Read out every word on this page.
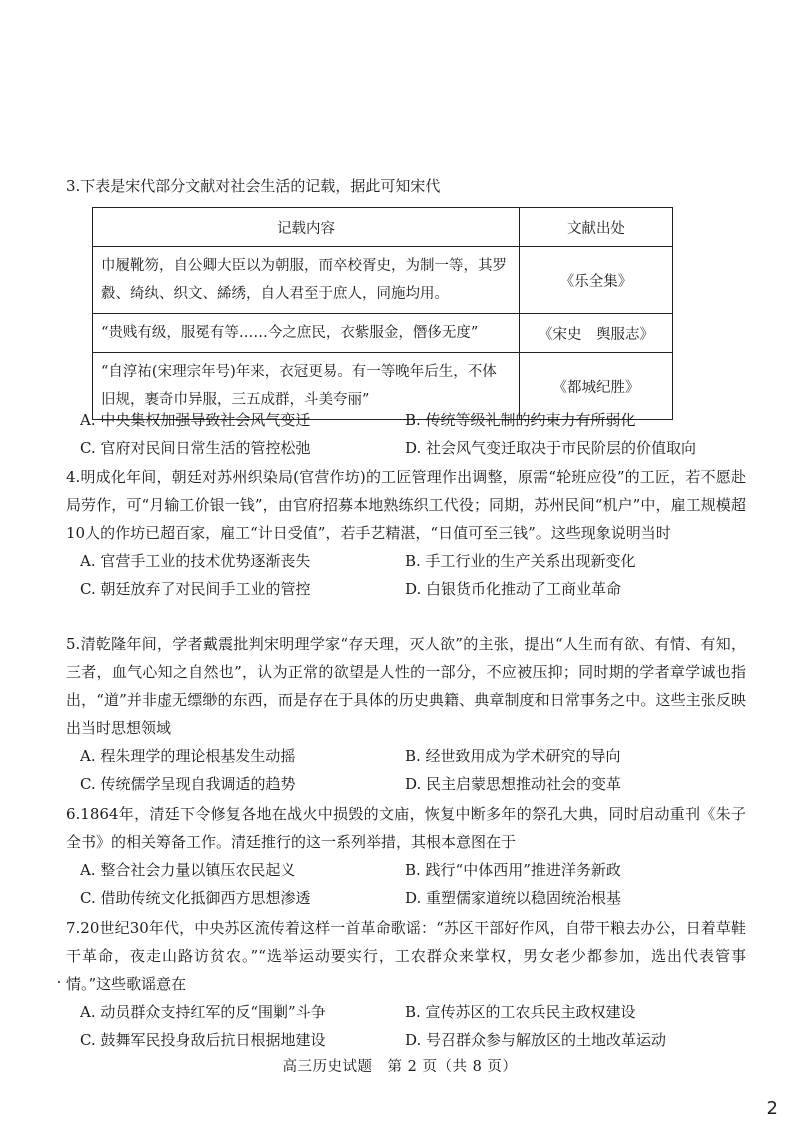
3.下表是宋代部分文献对社会生活的记载，据此可知宋代

记载内容	文献出处
巾履靴笏，自公卿大臣以为朝服，而卒校胥史，为制一等，其罗縠、绮纨、织文、絺绣，自人君至于庶人，同施均用。	《乐全集》
“贵贱有级，服冕有等……今之庶民，衣紫服金，僭侈无度”	《宋史　舆服志》
“自淳祐(宋理宗年号)年来，衣冠更易。有一等晚年后生，不体旧规，裹奇巾异服，三五成群，斗美夸丽”	《都城纪胜》
A. 中央集权加强导致社会风气变迁	B. 传统等级礼制的约束力有所弱化
C. 官府对民间日常生活的管控松弛	D. 社会风气变迁取决于市民阶层的价值取向

4.明成化年间，朝廷对苏州织染局(官营作坊)的工匠管理作出调整，原需“轮班应役”的工匠，若不愿赴局劳作，可“月输工价银一钱”，由官府招募本地熟练织工代役；同期，苏州民间“机户”中，雇工规模超10人的作坊已超百家，雇工“计日受值”，若手艺精湛，“日值可至三钱”。这些现象说明当时

A. 官营手工业的技术优势逐渐丧失	B. 手工行业的生产关系出现新变化
C. 朝廷放弃了对民间手工业的管控	D. 白银货币化推动了工商业革命

5.清乾隆年间，学者戴震批判宋明理学家“存天理，灭人欲”的主张，提出“人生而有欲、有情、有知，三者，血气心知之自然也”，认为正常的欲望是人性的一部分，不应被压抑；同时期的学者章学诚也指出，“道”并非虚无缥缈的东西，而是存在于具体的历史典籍、典章制度和日常事务之中。这些主张反映出当时思想领域

A. 程朱理学的理论根基发生动摇	B. 经世致用成为学术研究的导向
C. 传统儒学呈现自我调适的趋势	D. 民主启蒙思想推动社会的变革

6.1864年，清廷下令修复各地在战火中损毁的文庙，恢复中断多年的祭孔大典，同时启动重刊《朱子全书》的相关筹备工作。清廷推行的这一系列举措，其根本意图在于

A. 整合社会力量以镇压农民起义	B. 践行“中体西用”推进洋务新政
C. 借助传统文化抵御西方思想渗透	D. 重塑儒家道统以稳固统治根基

7.20世纪30年代，中央苏区流传着这样一首革命歌谣：“苏区干部好作风，自带干粮去办公，日着草鞋干革命，夜走山路访贫农。”“选举运动要实行，工农群众来掌权，男女老少都参加，选出代表管事情。”这些歌谣意在

A. 动员群众支持红军的反“围剿”斗争	B. 宣传苏区的工农兵民主政权建设
C. 鼓舞军民投身敌后抗日根据地建设	D. 号召群众参与解放区的土地改革运动
高三历史试题　第 2 页（共 8 页）
2
